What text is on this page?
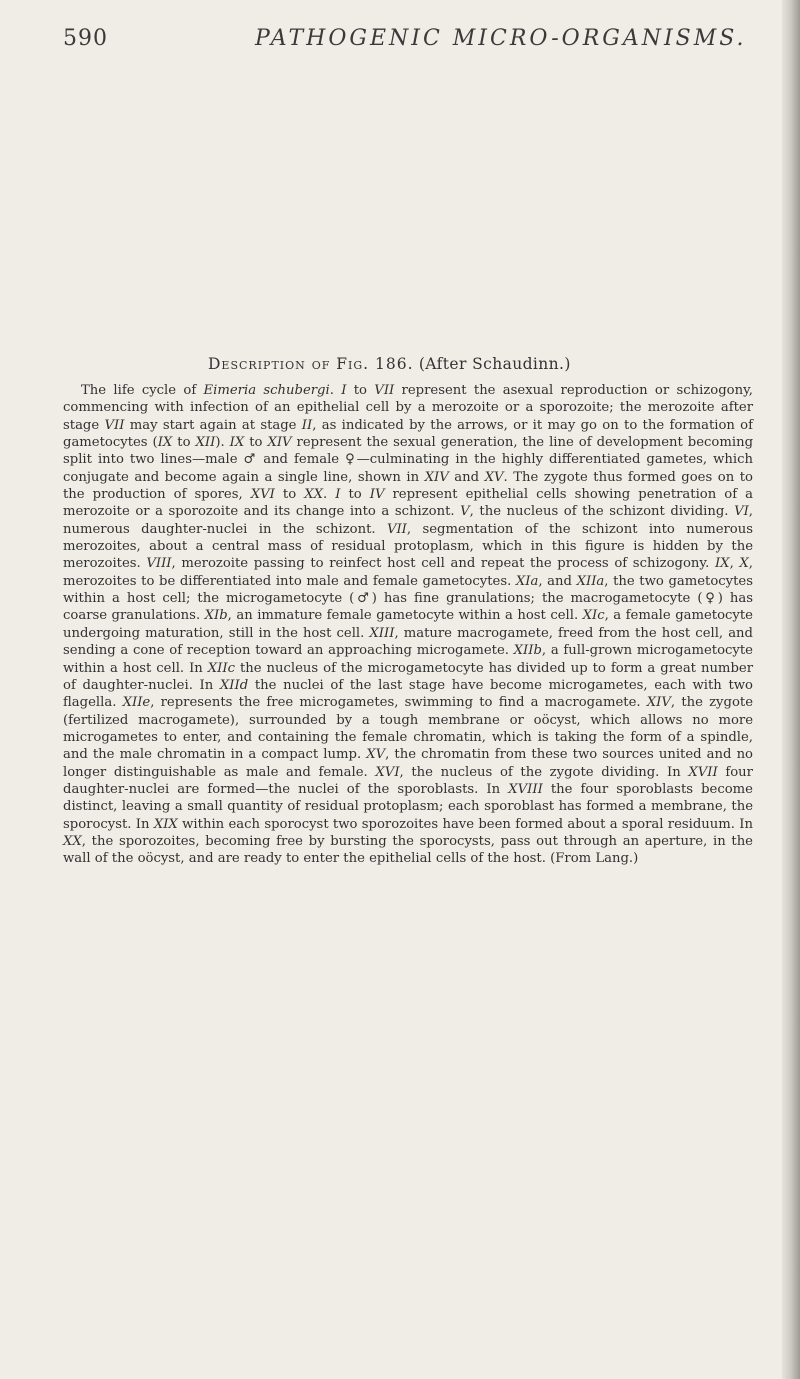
590	PATHOGENIC MICRO-ORGANISMS.
Description of Fig. 186. (After Schaudinn.)

The life cycle of Eimeria schubergi. I to VII represent the asexual reproduction or schizogony, commencing with infection of an epithelial cell by a merozoite or a sporozoite; the merozoite after stage VII may start again at stage II, as indicated by the arrows, or it may go on to the formation of gametocytes (IX to XII). IX to XIV represent the sexual generation, the line of development becoming split into two lines—male ♂ and female ♀—culminating in the highly differentiated gametes, which conjugate and become again a single line, shown in XIV and XV. The zygote thus formed goes on to the production of spores, XVI to XX. I to IV represent epithelial cells showing penetration of a merozoite or a sporozoite and its change into a schizont. V, the nucleus of the schizont dividing. VI, numerous daughter-nuclei in the schizont. VII, segmentation of the schizont into numerous merozoites, about a central mass of residual protoplasm, which in this figure is hidden by the merozoites. VIII, merozoite passing to reinfect host cell and repeat the process of schizogony. IX, X, merozoites to be differentiated into male and female gametocytes. XIa, and XIIa, the two gametocytes within a host cell; the microgametocyte (♂) has fine granulations; the macrogametocyte (♀) has coarse granulations. XIb, an immature female gametocyte within a host cell. XIc, a female gametocyte undergoing maturation, still in the host cell. XIII, mature macrogamete, freed from the host cell, and sending a cone of reception toward an approaching microgamete. XIIb, a full-grown microgametocyte within a host cell. In XIIc the nucleus of the microgametocyte has divided up to form a great number of daughter-nuclei. In XIId the nuclei of the last stage have become microgametes, each with two flagella. XIIe, represents the free microgametes, swimming to find a macrogamete. XIV, the zygote (fertilized macrogamete), surrounded by a tough membrane or oöcyst, which allows no more microgametes to enter, and containing the female chromatin, which is taking the form of a spindle, and the male chromatin in a compact lump. XV, the chromatin from these two sources united and no longer distinguishable as male and female. XVI, the nucleus of the zygote dividing. In XVII four daughter-nuclei are formed—the nuclei of the sporoblasts. In XVIII the four sporoblasts become distinct, leaving a small quantity of residual protoplasm; each sporoblast has formed a membrane, the sporocyst. In XIX within each sporocyst two sporozoites have been formed about a sporal residuum. In XX, the sporozoites, becoming free by bursting the sporocysts, pass out through an aperture, in the wall of the oöcyst, and are ready to enter the epithelial cells of the host. (From Lang.)
